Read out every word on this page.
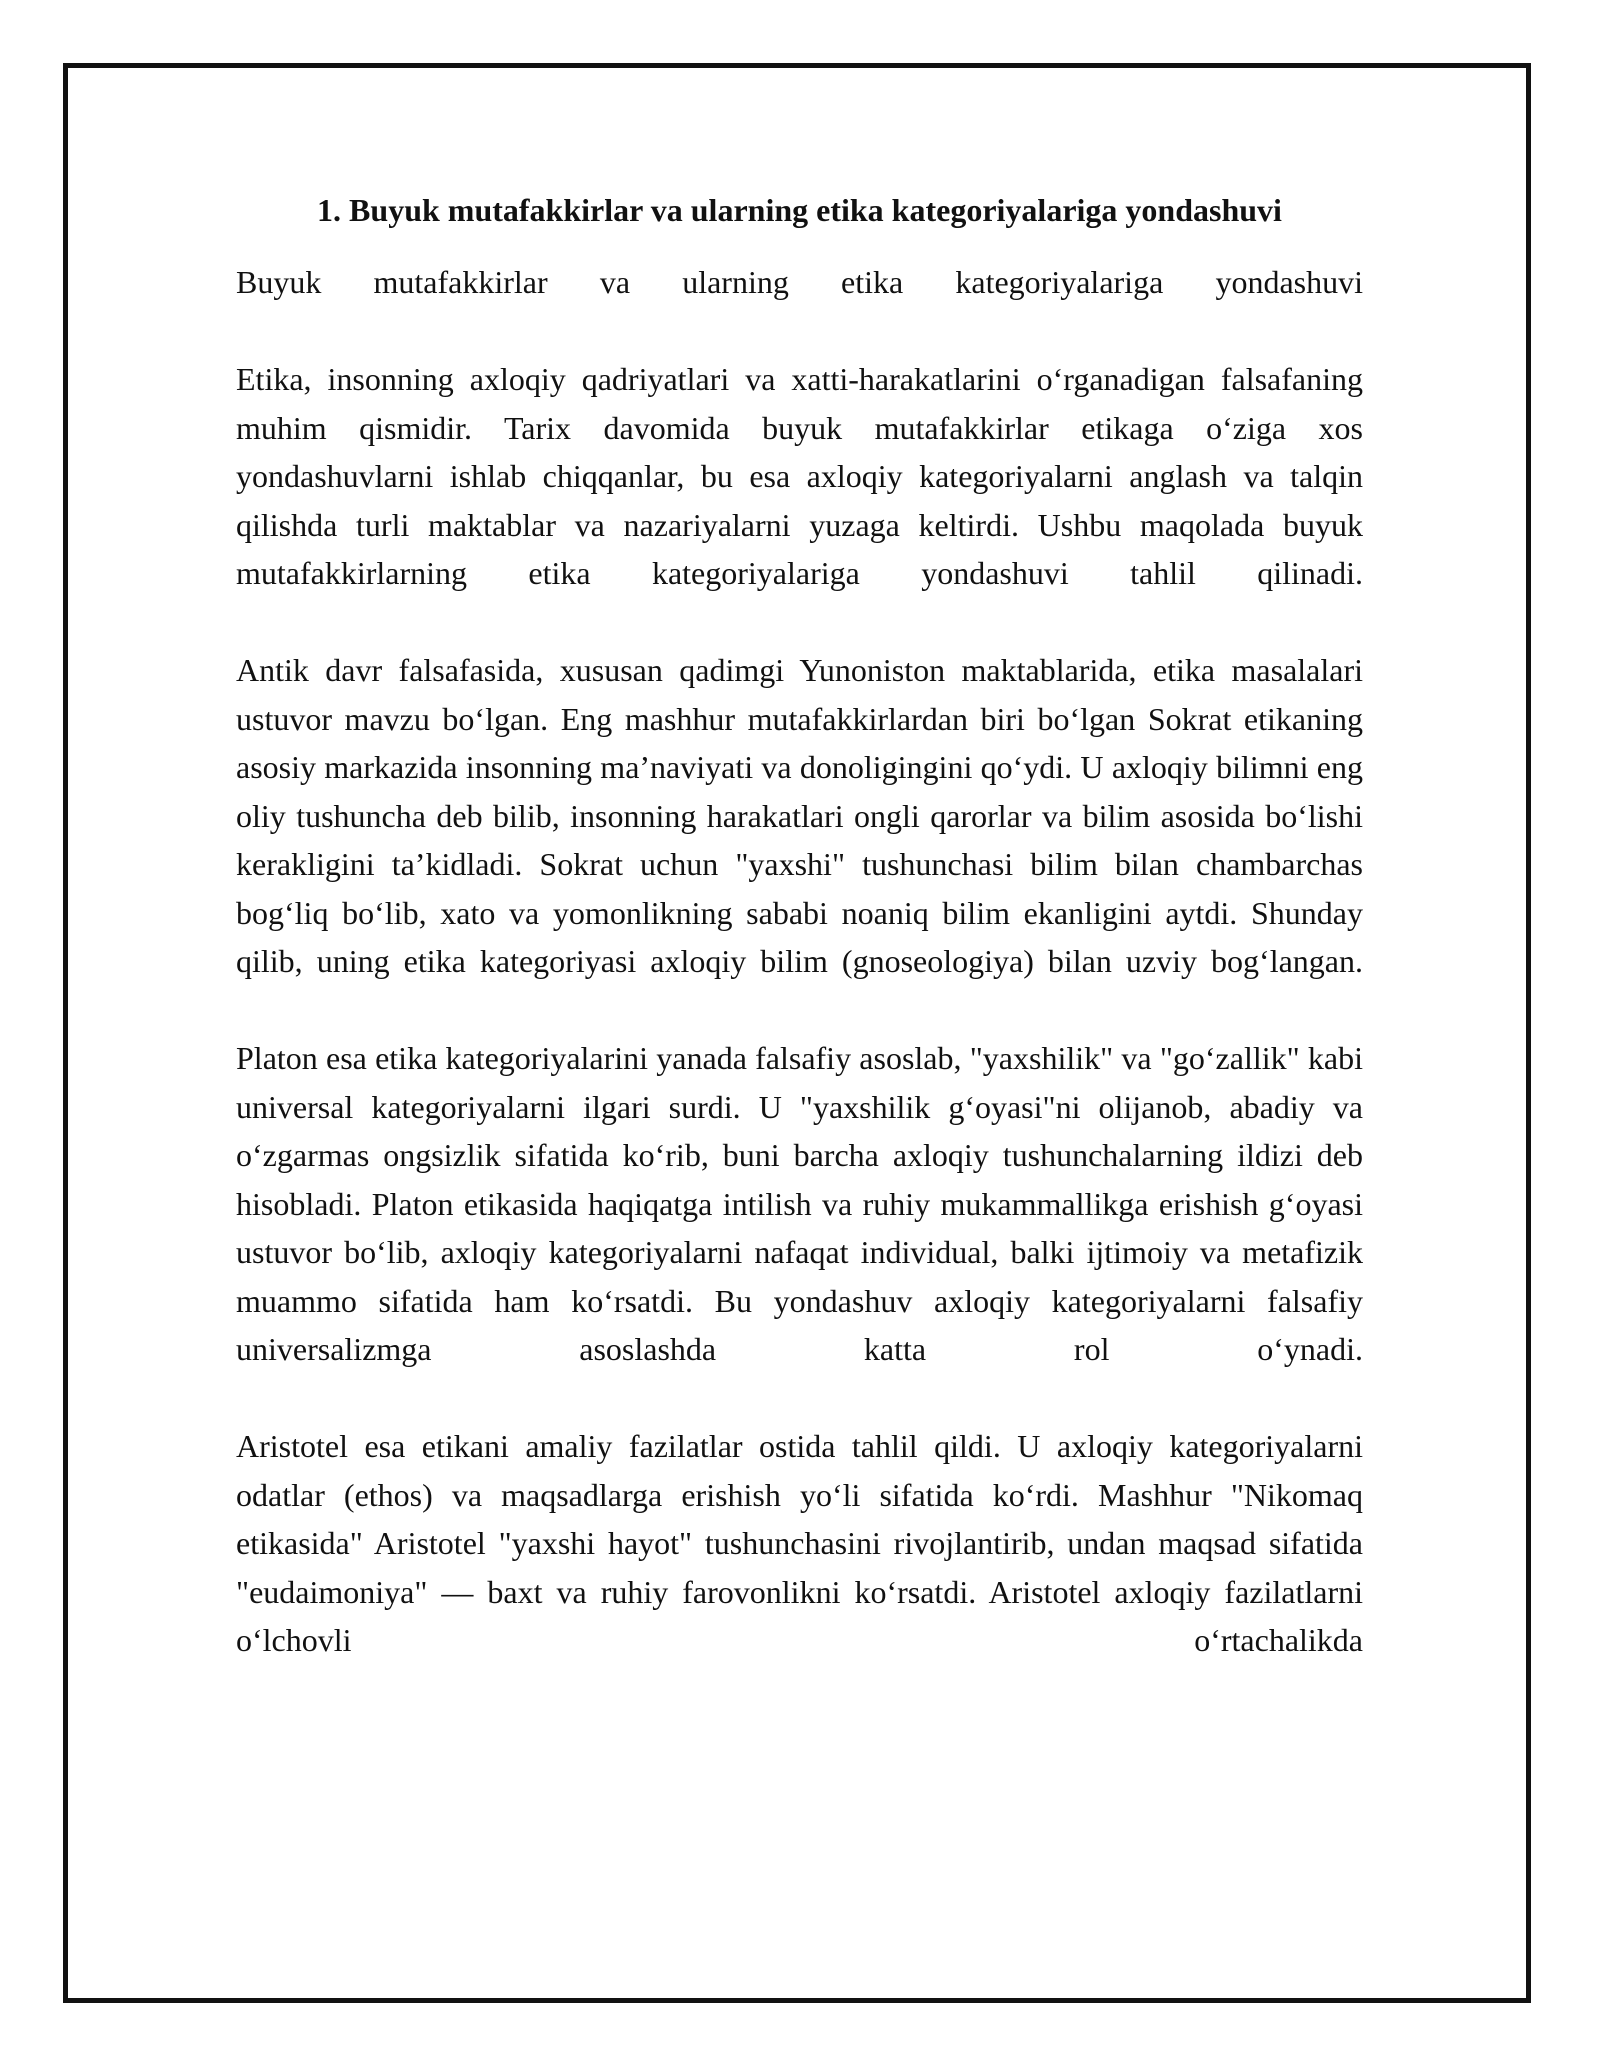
1. Buyuk mutafakkirlar va ularning etika kategoriyalariga yondashuvi

Buyuk mutafakkirlar va ularning etika kategoriyalariga yondashuvi

Etika, insonning axloqiy qadriyatlari va xatti-harakatlarini o‘rganadigan falsafaning muhim qismidir. Tarix davomida buyuk mutafakkirlar etikaga o‘ziga xos yondashuvlarni ishlab chiqqanlar, bu esa axloqiy kategoriyalarni anglash va talqin qilishda turli maktablar va nazariyalarni yuzaga keltirdi. Ushbu maqolada buyuk mutafakkirlarning etika kategoriyalariga yondashuvi tahlil qilinadi.

Antik davr falsafasida, xususan qadimgi Yunoniston maktablarida, etika masalalari ustuvor mavzu bo‘lgan. Eng mashhur mutafakkirlardan biri bo‘lgan Sokrat etikaning asosiy markazida insonning ma’naviyati va donoligingini qo‘ydi. U axloqiy bilimni eng oliy tushuncha deb bilib, insonning harakatlari ongli qarorlar va bilim asosida bo‘lishi kerakligini ta’kidladi. Sokrat uchun "yaxshi" tushunchasi bilim bilan chambarchas bog‘liq bo‘lib, xato va yomonlikning sababi noaniq bilim ekanligini aytdi. Shunday qilib, uning etika kategoriyasi axloqiy bilim (gnoseologiya) bilan uzviy bog‘langan.

Platon esa etika kategoriyalarini yanada falsafiy asoslab, "yaxshilik" va "go‘zallik" kabi universal kategoriyalarni ilgari surdi. U "yaxshilik g‘oyasi"ni olijanob, abadiy va o‘zgarmas ongsizlik sifatida ko‘rib, buni barcha axloqiy tushunchalarning ildizi deb hisobladi. Platon etikasida haqiqatga intilish va ruhiy mukammallikga erishish g‘oyasi ustuvor bo‘lib, axloqiy kategoriyalarni nafaqat individual, balki ijtimoiy va metafizik muammo sifatida ham ko‘rsatdi. Bu yondashuv axloqiy kategoriyalarni falsafiy universalizmga asoslashda katta rol o‘ynadi.

Aristotel esa etikani amaliy fazilatlar ostida tahlil qildi. U axloqiy kategoriyalarni odatlar (ethos) va maqsadlarga erishish yo‘li sifatida ko‘rdi. Mashhur "Nikomaq etikasida" Aristotel "yaxshi hayot" tushunchasini rivojlantirib, undan maqsad sifatida "eudaimoniya" — baxt va ruhiy farovonlikni ko‘rsatdi. Aristotel axloqiy fazilatlarni o‘lchovli o‘rtachalikda
